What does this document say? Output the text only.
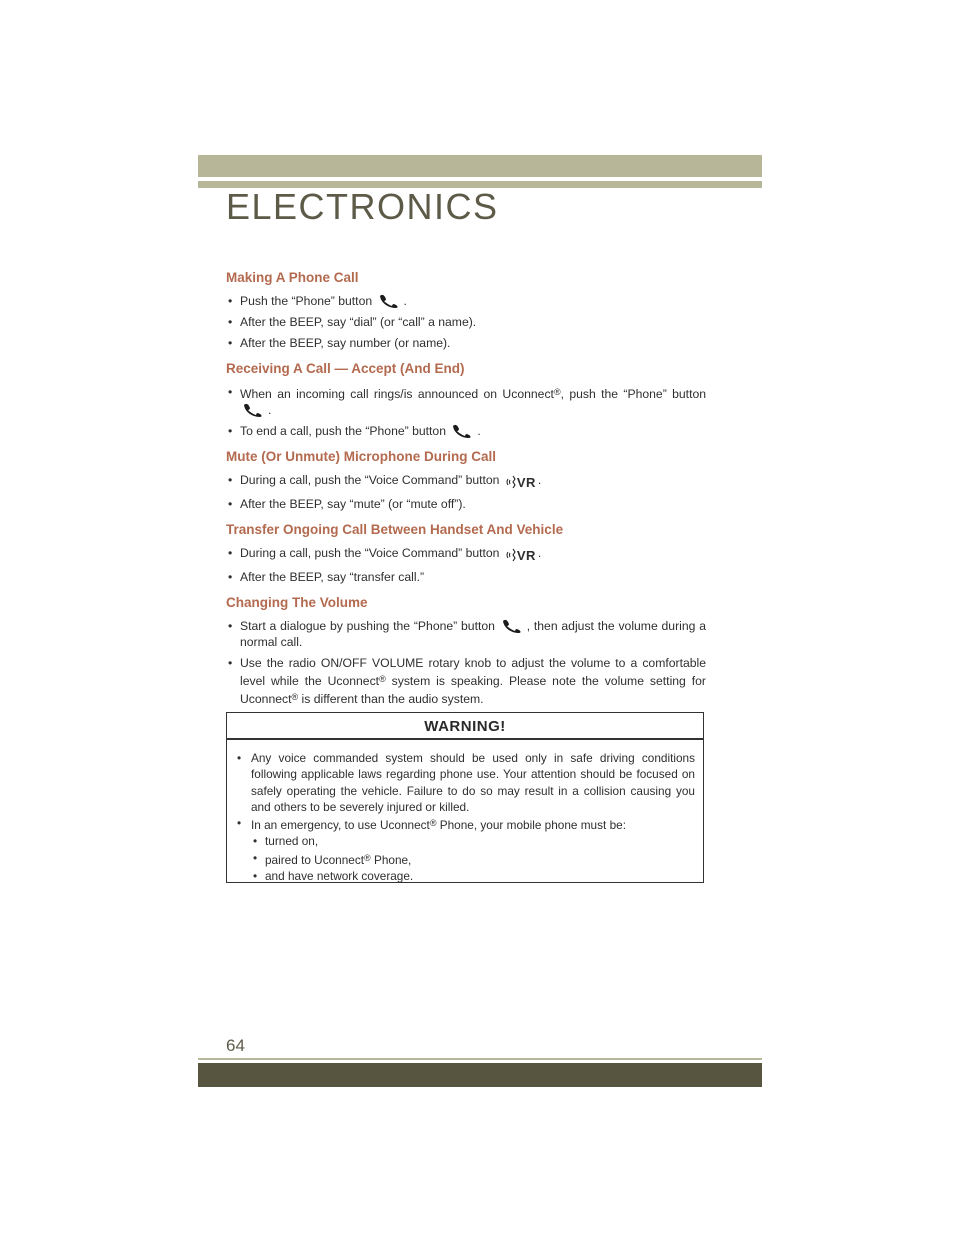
ELECTRONICS
Making A Phone Call
• Push the “Phone” button .
• After the BEEP, say “dial” (or “call” a name).
• After the BEEP, say number (or name).
Receiving A Call — Accept (And End)
• When an incoming call rings/is announced on Uconnect®, push the “Phone” button .
• To end a call, push the “Phone” button .
Mute (Or Unmute) Microphone During Call
• During a call, push the “Voice Command” button VR .
• After the BEEP, say “mute” (or “mute off”).
Transfer Ongoing Call Between Handset And Vehicle
• During a call, push the “Voice Command” button VR .
• After the BEEP, say “transfer call.”
Changing The Volume
• Start a dialogue by pushing the “Phone” button , then adjust the volume during a normal call.
• Use the radio ON/OFF VOLUME rotary knob to adjust the volume to a comfortable level while the Uconnect® system is speaking. Please note the volume setting for Uconnect® is different than the audio system.
WARNING!
• Any voice commanded system should be used only in safe driving conditions following applicable laws regarding phone use. Your attention should be focused on safely operating the vehicle. Failure to do so may result in a collision causing you and others to be severely injured or killed.
• In an emergency, to use Uconnect® Phone, your mobile phone must be:
• turned on,
• paired to Uconnect® Phone,
• and have network coverage.
64
